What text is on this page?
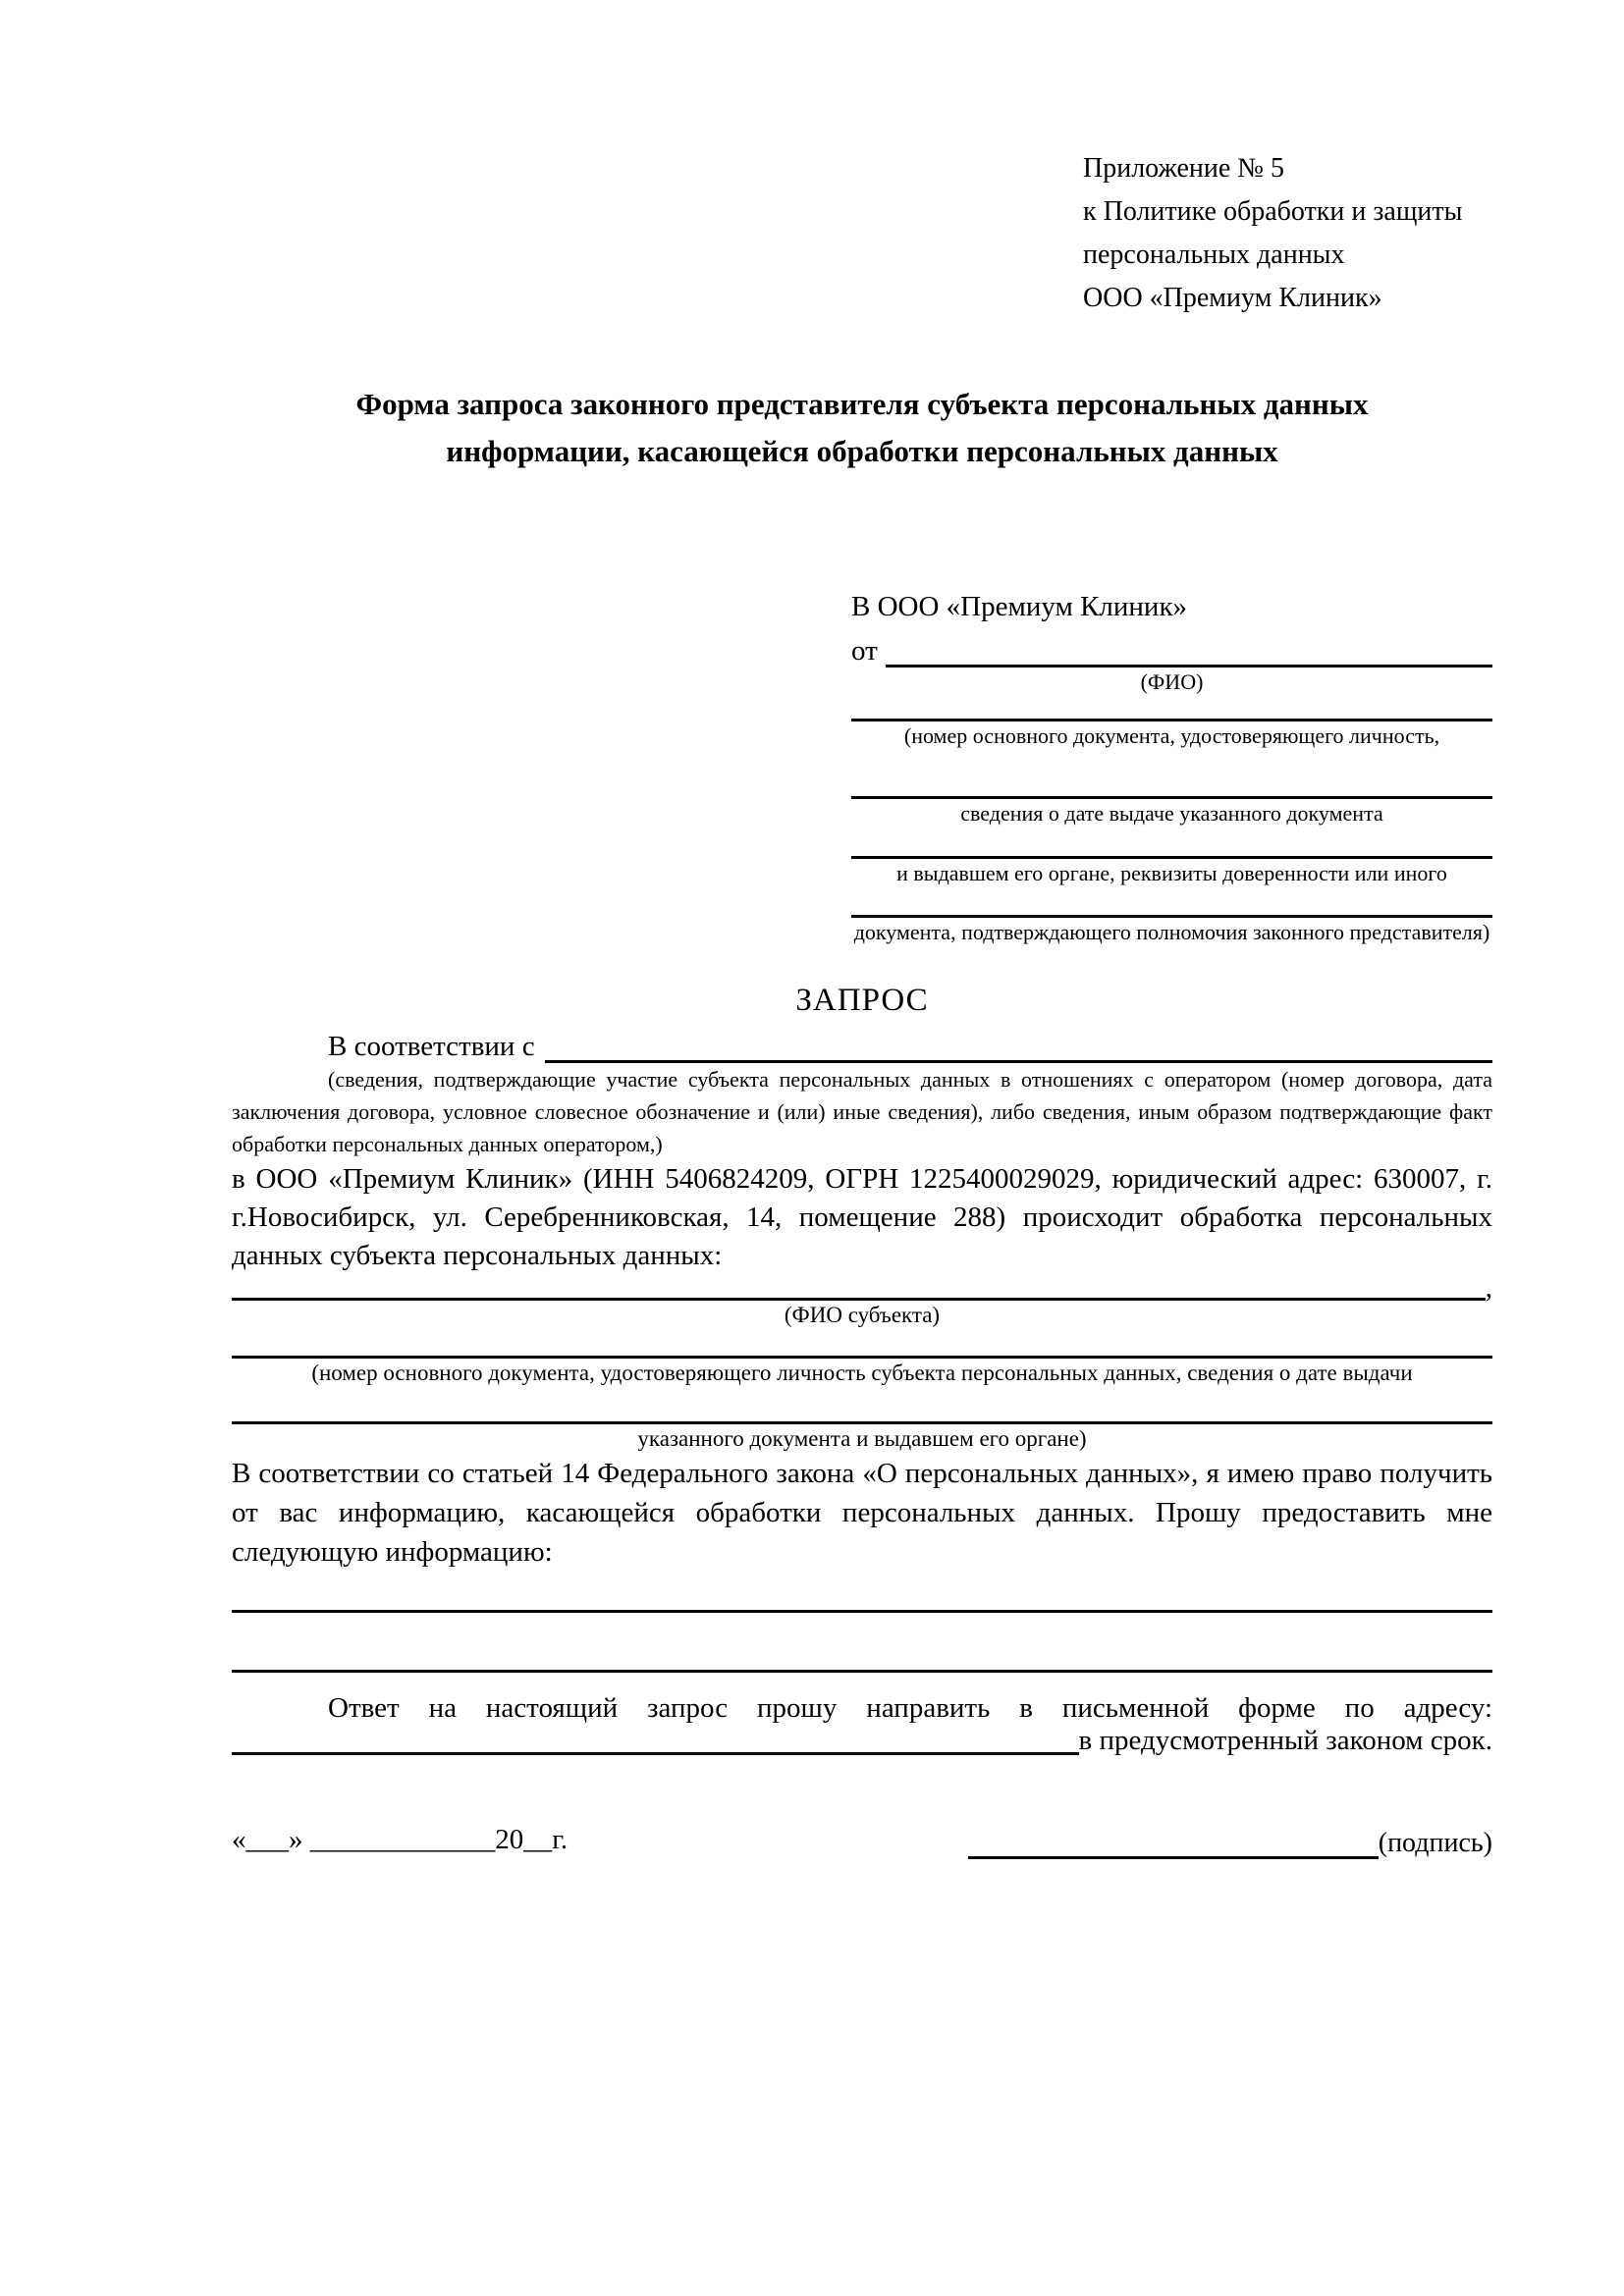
Приложение № 5
к Политике обработки и защиты
персональных данных
ООО «Премиум Клиник»
Форма запроса законного представителя субъекта персональных данных
информации, касающейся обработки персональных данных
В ООО «Премиум Клиник»
от
(ФИО)
(номер основного документа, удостоверяющего личность,
сведения о дате выдаче указанного документа
и выдавшем его органе, реквизиты доверенности или иного
документа, подтверждающего полномочия законного представителя)
ЗАПРОС
В соответствии с
(сведения, подтверждающие участие субъекта персональных данных в отношениях с оператором (номер договора, дата заключения договора, условное словесное обозначение и (или) иные сведения), либо сведения, иным образом подтверждающие факт обработки персональных данных оператором,)
в ООО «Премиум Клиник» (ИНН 5406824209, ОГРН 1225400029029, юридический адрес: 630007, г. г.Новосибирск, ул. Серебренниковская, 14, помещение 288) происходит обработка персональных данных субъекта персональных данных:
,
(ФИО субъекта)
(номер основного документа, удостоверяющего личность субъекта персональных данных, сведения о дате выдачи
указанного документа и выдавшем его органе)
В соответствии со статьей 14 Федерального закона «О персональных данных», я имею право получить от вас информацию, касающейся обработки персональных данных. Прошу предоставить мне следующую информацию:
Ответ на настоящий запрос прошу направить в письменной форме по адресу:
в предусмотренный законом срок.
«___» _____________20__г.	(подпись)
